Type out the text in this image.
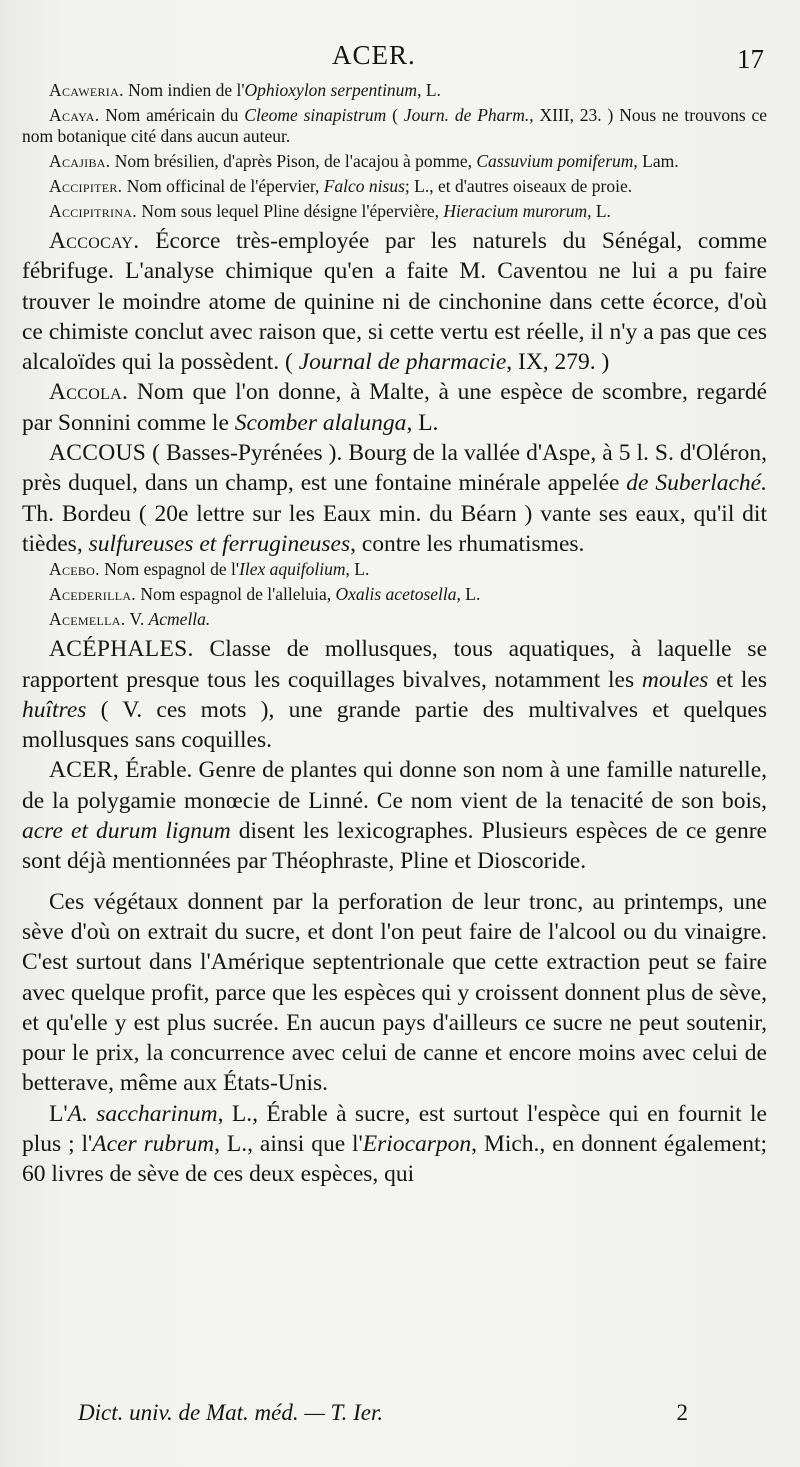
ACER.	17

Acaweria. Nom indien de l'Ophioxylon serpentinum, L.

Acaya. Nom américain du Cleome sinapistrum ( Journ. de Pharm., XIII, 23. ) Nous ne trouvons ce nom botanique cité dans aucun auteur.

Acajiba. Nom brésilien, d'après Pison, de l'acajou à pomme, Cassuvium pomiferum, Lam.

Accipiter. Nom officinal de l'épervier, Falco nisus; L., et d'autres oiseaux de proie.

Accipitrina. Nom sous lequel Pline désigne l'épervière, Hieracium murorum, L.

Accocay. Écorce très-employée par les naturels du Sénégal, comme fébrifuge. L'analyse chimique qu'en a faite M. Caventou ne lui a pu faire trouver le moindre atome de quinine ni de cinchonine dans cette écorce, d'où ce chimiste conclut avec raison que, si cette vertu est réelle, il n'y a pas que ces alcaloïdes qui la possèdent. ( Journal de pharmacie, IX, 279. )

Accola. Nom que l'on donne, à Malte, à une espèce de scombre, regardé par Sonnini comme le Scomber alalunga, L.

ACCOUS ( Basses-Pyrénées ). Bourg de la vallée d'Aspe, à 5 l. S. d'Oléron, près duquel, dans un champ, est une fontaine minérale appelée de Suberlaché. Th. Bordeu ( 20e lettre sur les Eaux min. du Béarn ) vante ses eaux, qu'il dit tièdes, sulfureuses et ferrugineuses, contre les rhumatismes.

Acebo. Nom espagnol de l'Ilex aquifolium, L.

Acederilla. Nom espagnol de l'alleluia, Oxalis acetosella, L.

Acemella. V. Acmella.

ACÉPHALES. Classe de mollusques, tous aquatiques, à laquelle se rapportent presque tous les coquillages bivalves, notamment les moules et les huîtres ( V. ces mots ), une grande partie des multivalves et quelques mollusques sans coquilles.

ACER, Érable. Genre de plantes qui donne son nom à une famille naturelle, de la polygamie monœcie de Linné. Ce nom vient de la tenacité de son bois, acre et durum lignum disent les lexicographes. Plusieurs espèces de ce genre sont déjà mentionnées par Théophraste, Pline et Dioscoride.

Ces végétaux donnent par la perforation de leur tronc, au printemps, une sève d'où on extrait du sucre, et dont l'on peut faire de l'alcool ou du vinaigre. C'est surtout dans l'Amérique septentrionale que cette extraction peut se faire avec quelque profit, parce que les espèces qui y croissent donnent plus de sève, et qu'elle y est plus sucrée. En aucun pays d'ailleurs ce sucre ne peut soutenir, pour le prix, la concurrence avec celui de canne et encore moins avec celui de betterave, même aux États-Unis.

L'A. saccharinum, L., Érable à sucre, est surtout l'espèce qui en fournit le plus ; l'Acer rubrum, L., ainsi que l'Eriocarpon, Mich., en donnent également; 60 livres de sève de ces deux espèces, qui

Dict. univ. de Mat. méd. — T. Ier.	2
